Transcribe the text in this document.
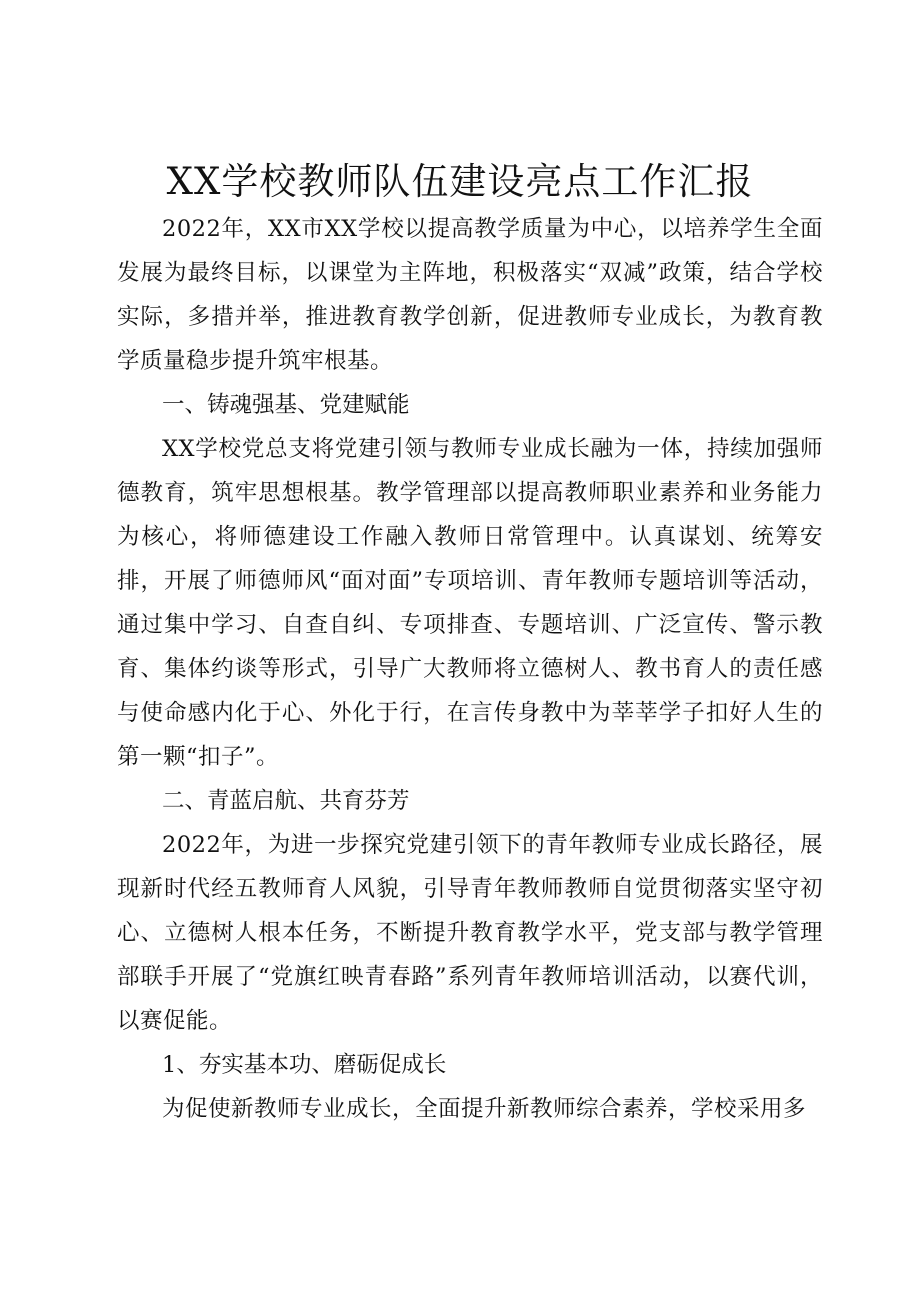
XX学校教师队伍建设亮点工作汇报

2022年，XX市XX学校以提高教学质量为中心，以培养学生全面发展为最终目标，以课堂为主阵地，积极落实“双减”政策，结合学校实际，多措并举，推进教育教学创新，促进教师专业成长，为教育教学质量稳步提升筑牢根基。

一、铸魂强基、党建赋能

XX学校党总支将党建引领与教师专业成长融为一体，持续加强师德教育，筑牢思想根基。教学管理部以提高教师职业素养和业务能力为核心，将师德建设工作融入教师日常管理中。认真谋划、统筹安排，开展了师德师风“面对面”专项培训、青年教师专题培训等活动，通过集中学习、自查自纠、专项排查、专题培训、广泛宣传、警示教育、集体约谈等形式，引导广大教师将立德树人、教书育人的责任感与使命感内化于心、外化于行，在言传身教中为莘莘学子扣好人生的第一颗“扣子”。

二、青蓝启航、共育芬芳

2022年，为进一步探究党建引领下的青年教师专业成长路径，展现新时代经五教师育人风貌，引导青年教师教师自觉贯彻落实坚守初心、立德树人根本任务，不断提升教育教学水平，党支部与教学管理部联手开展了“党旗红映青春路”系列青年教师培训活动，以赛代训，以赛促能。

1、夯实基本功、磨砺促成长

为促使新教师专业成长，全面提升新教师综合素养，学校采用多
